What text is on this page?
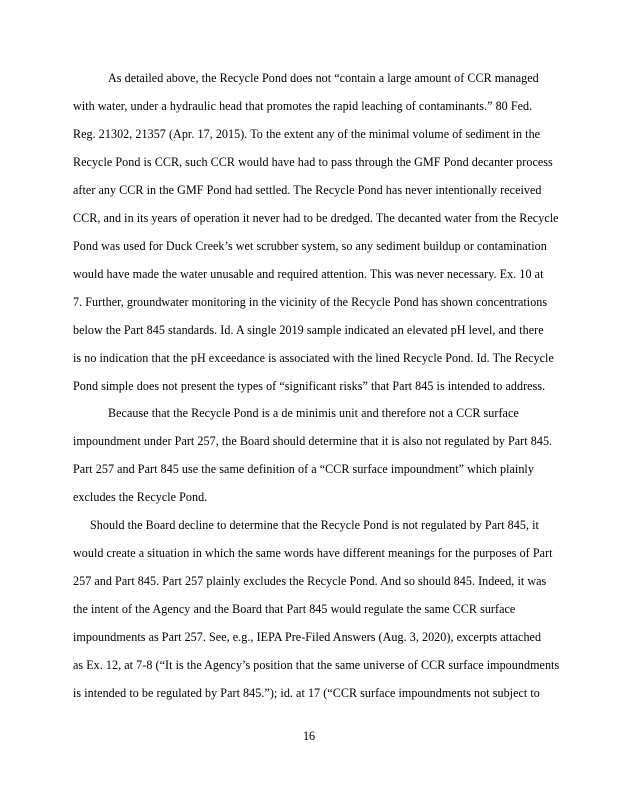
As detailed above, the Recycle Pond does not “contain a large amount of CCR managed
with water, under a hydraulic head that promotes the rapid leaching of contaminants.” 80 Fed.
Reg. 21302, 21357 (Apr. 17, 2015). To the extent any of the minimal volume of sediment in the
Recycle Pond is CCR, such CCR would have had to pass through the GMF Pond decanter process
after any CCR in the GMF Pond had settled. The Recycle Pond has never intentionally received
CCR, and in its years of operation it never had to be dredged. The decanted water from the Recycle
Pond was used for Duck Creek’s wet scrubber system, so any sediment buildup or contamination
would have made the water unusable and required attention. This was never necessary. Ex. 10 at
7. Further, groundwater monitoring in the vicinity of the Recycle Pond has shown concentrations
below the Part 845 standards. Id. A single 2019 sample indicated an elevated pH level, and there
is no indication that the pH exceedance is associated with the lined Recycle Pond. Id. The Recycle
Pond simple does not present the types of “significant risks” that Part 845 is intended to address.
Because that the Recycle Pond is a de minimis unit and therefore not a CCR surface
impoundment under Part 257, the Board should determine that it is also not regulated by Part 845.
Part 257 and Part 845 use the same definition of a “CCR surface impoundment” which plainly
excludes the Recycle Pond.
Should the Board decline to determine that the Recycle Pond is not regulated by Part 845, it
would create a situation in which the same words have different meanings for the purposes of Part
257 and Part 845. Part 257 plainly excludes the Recycle Pond. And so should 845. Indeed, it was
the intent of the Agency and the Board that Part 845 would regulate the same CCR surface
impoundments as Part 257. See, e.g., IEPA Pre-Filed Answers (Aug. 3, 2020), excerpts attached
as Ex. 12, at 7-8 (“It is the Agency’s position that the same universe of CCR surface impoundments
is intended to be regulated by Part 845.”); id. at 17 (“CCR surface impoundments not subject to
16
